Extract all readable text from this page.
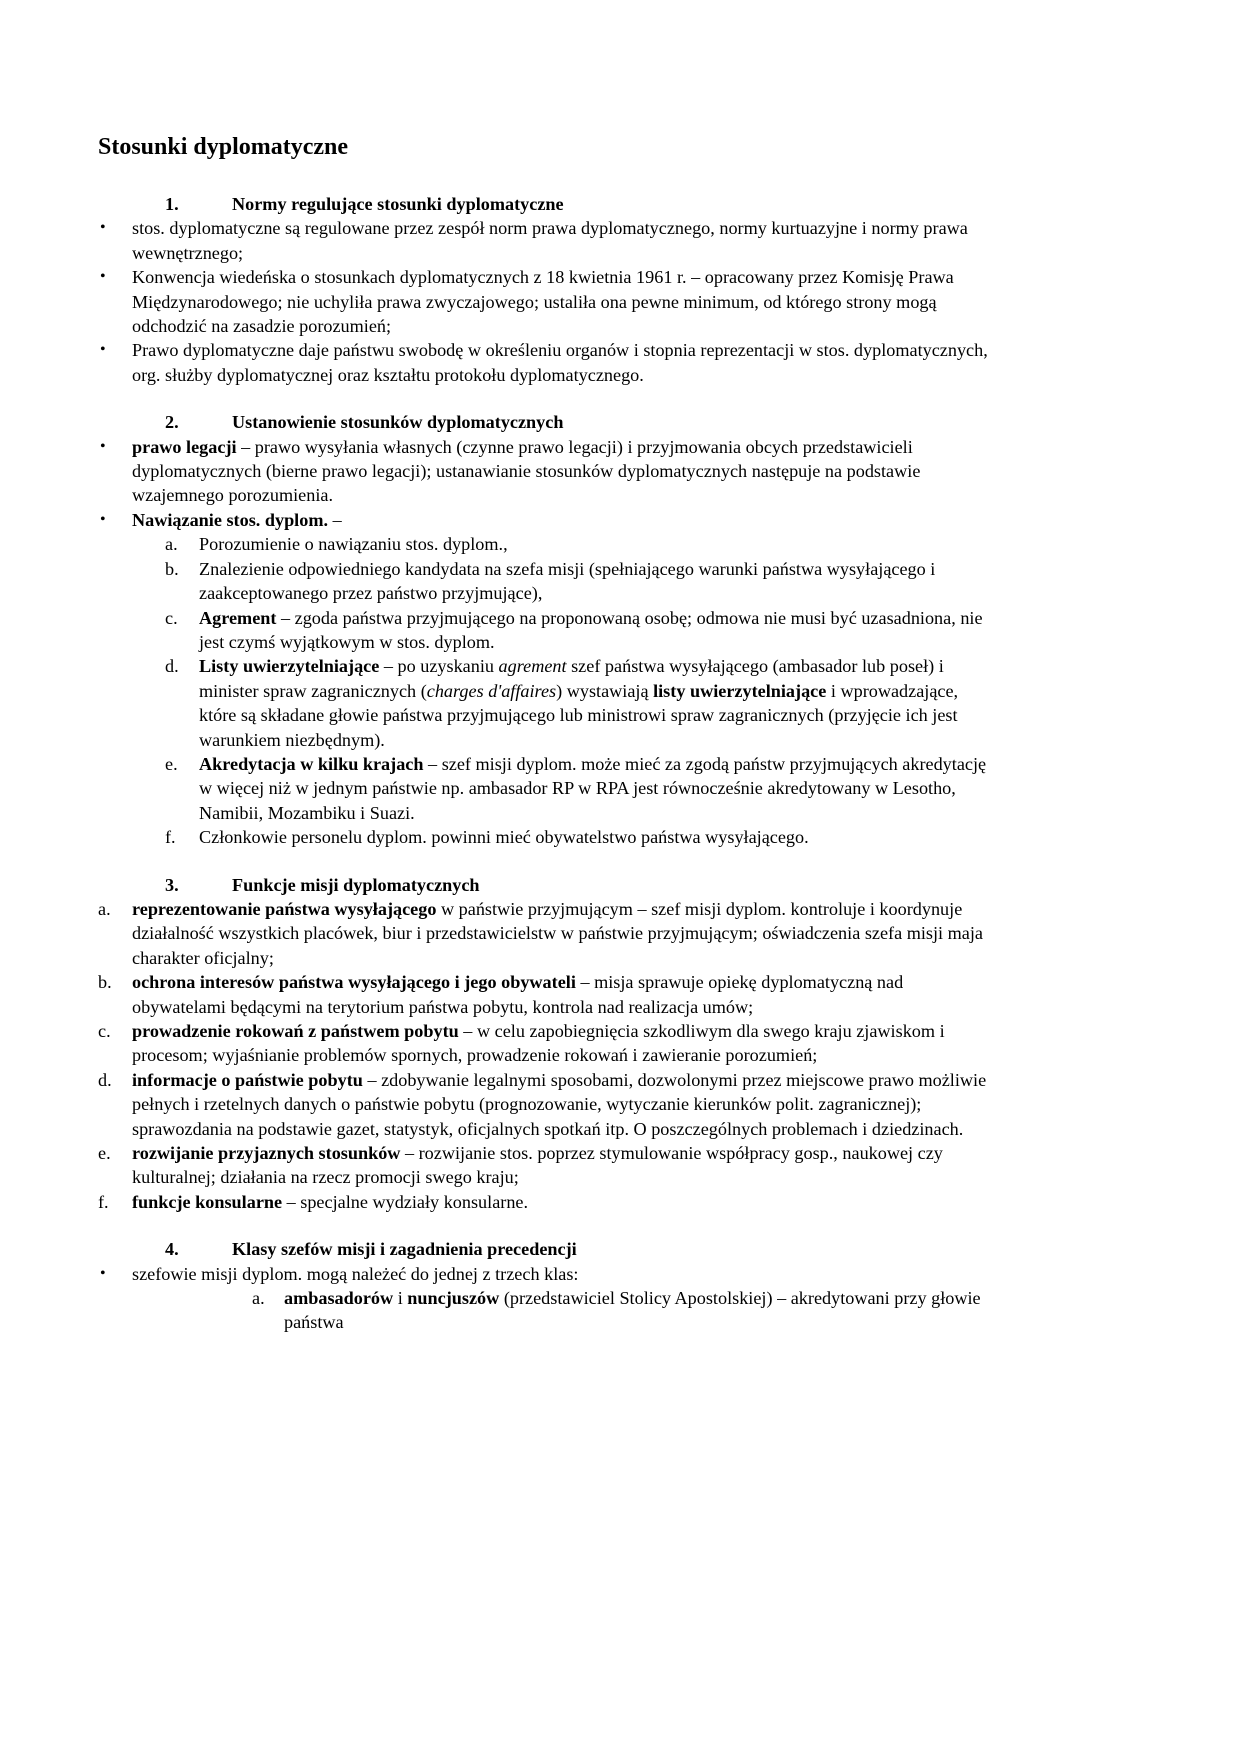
Stosunki dyplomatyczne
1.	Normy regulujące stosunki dyplomatyczne
• stos. dyplomatyczne są regulowane przez zespół norm prawa dyplomatycznego, normy kurtuazyjne i normy prawa wewnętrznego;
• Konwencja wiedeńska o stosunkach dyplomatycznych z 18 kwietnia 1961 r. – opracowany przez Komisję Prawa Międzynarodowego; nie uchyliła prawa zwyczajowego; ustaliła ona pewne minimum, od którego strony mogą odchodzić na zasadzie porozumień;
• Prawo dyplomatyczne daje państwu swobodę w określeniu organów i stopnia reprezentacji w stos. dyplomatycznych, org. służby dyplomatycznej oraz kształtu protokołu dyplomatycznego.
2.	Ustanowienie stosunków dyplomatycznych
• prawo legacji – prawo wysyłania własnych (czynne prawo legacji) i przyjmowania obcych przedstawicieli dyplomatycznych (bierne prawo legacji); ustanawianie stosunków dyplomatycznych następuje na podstawie wzajemnego porozumienia.
• Nawiązanie stos. dyplom. –
a. Porozumienie o nawiązaniu stos. dyplom.,
b. Znalezienie odpowiedniego kandydata na szefa misji (spełniającego warunki państwa wysyłającego i zaakceptowanego przez państwo przyjmujące),
c. Agrement – zgoda państwa przyjmującego na proponowaną osobę; odmowa nie musi być uzasadniona, nie jest czymś wyjątkowym w stos. dyplom.
d. Listy uwierzytelniające – po uzyskaniu agrement szef państwa wysyłającego (ambasador lub poseł) i minister spraw zagranicznych (charges d'affaires) wystawiają listy uwierzytelniające i wprowadzające, które są składane głowie państwa przyjmującego lub ministrowi spraw zagranicznych (przyjęcie ich jest warunkiem niezbędnym).
e. Akredytacja w kilku krajach – szef misji dyplom. może mieć za zgodą państw przyjmujących akredytację w więcej niż w jednym państwie np. ambasador RP w RPA jest równocześnie akredytowany w Lesotho, Namibii, Mozambiku i Suazi.
f. Członkowie personelu dyplom. powinni mieć obywatelstwo państwa wysyłającego.
3.	Funkcje misji dyplomatycznych
a. reprezentowanie państwa wysyłającego w państwie przyjmującym – szef misji dyplom. kontroluje i koordynuje działalność wszystkich placówek, biur i przedstawicielstw w państwie przyjmującym; oświadczenia szefa misji maja charakter oficjalny;
b. ochrona interesów państwa wysyłającego i jego obywateli – misja sprawuje opiekę dyplomatyczną nad obywatelami będącymi na terytorium państwa pobytu, kontrola nad realizacja umów;
c. prowadzenie rokowań z państwem pobytu – w celu zapobiegnięcia szkodliwym dla swego kraju zjawiskom i procesom; wyjaśnianie problemów spornych, prowadzenie rokowań i zawieranie porozumień;
d. informacje o państwie pobytu – zdobywanie legalnymi sposobami, dozwolonymi przez miejscowe prawo możliwie pełnych i rzetelnych danych o państwie pobytu (prognozowanie, wytyczanie kierunków polit. zagranicznej); sprawozdania na podstawie gazet, statystyk, oficjalnych spotkań itp. O poszczególnych problemach i dziedzinach.
e. rozwijanie przyjaznych stosunków – rozwijanie stos. poprzez stymulowanie współpracy gosp., naukowej czy kulturalnej; działania na rzecz promocji swego kraju;
f. funkcje konsularne – specjalne wydziały konsularne.
4.	Klasy szefów misji i zagadnienia precedencji
• szefowie misji dyplom. mogą należeć do jednej z trzech klas:
a. ambasadorów i nuncjuszów (przedstawiciel Stolicy Apostolskiej) – akredytowani przy głowie państwa
